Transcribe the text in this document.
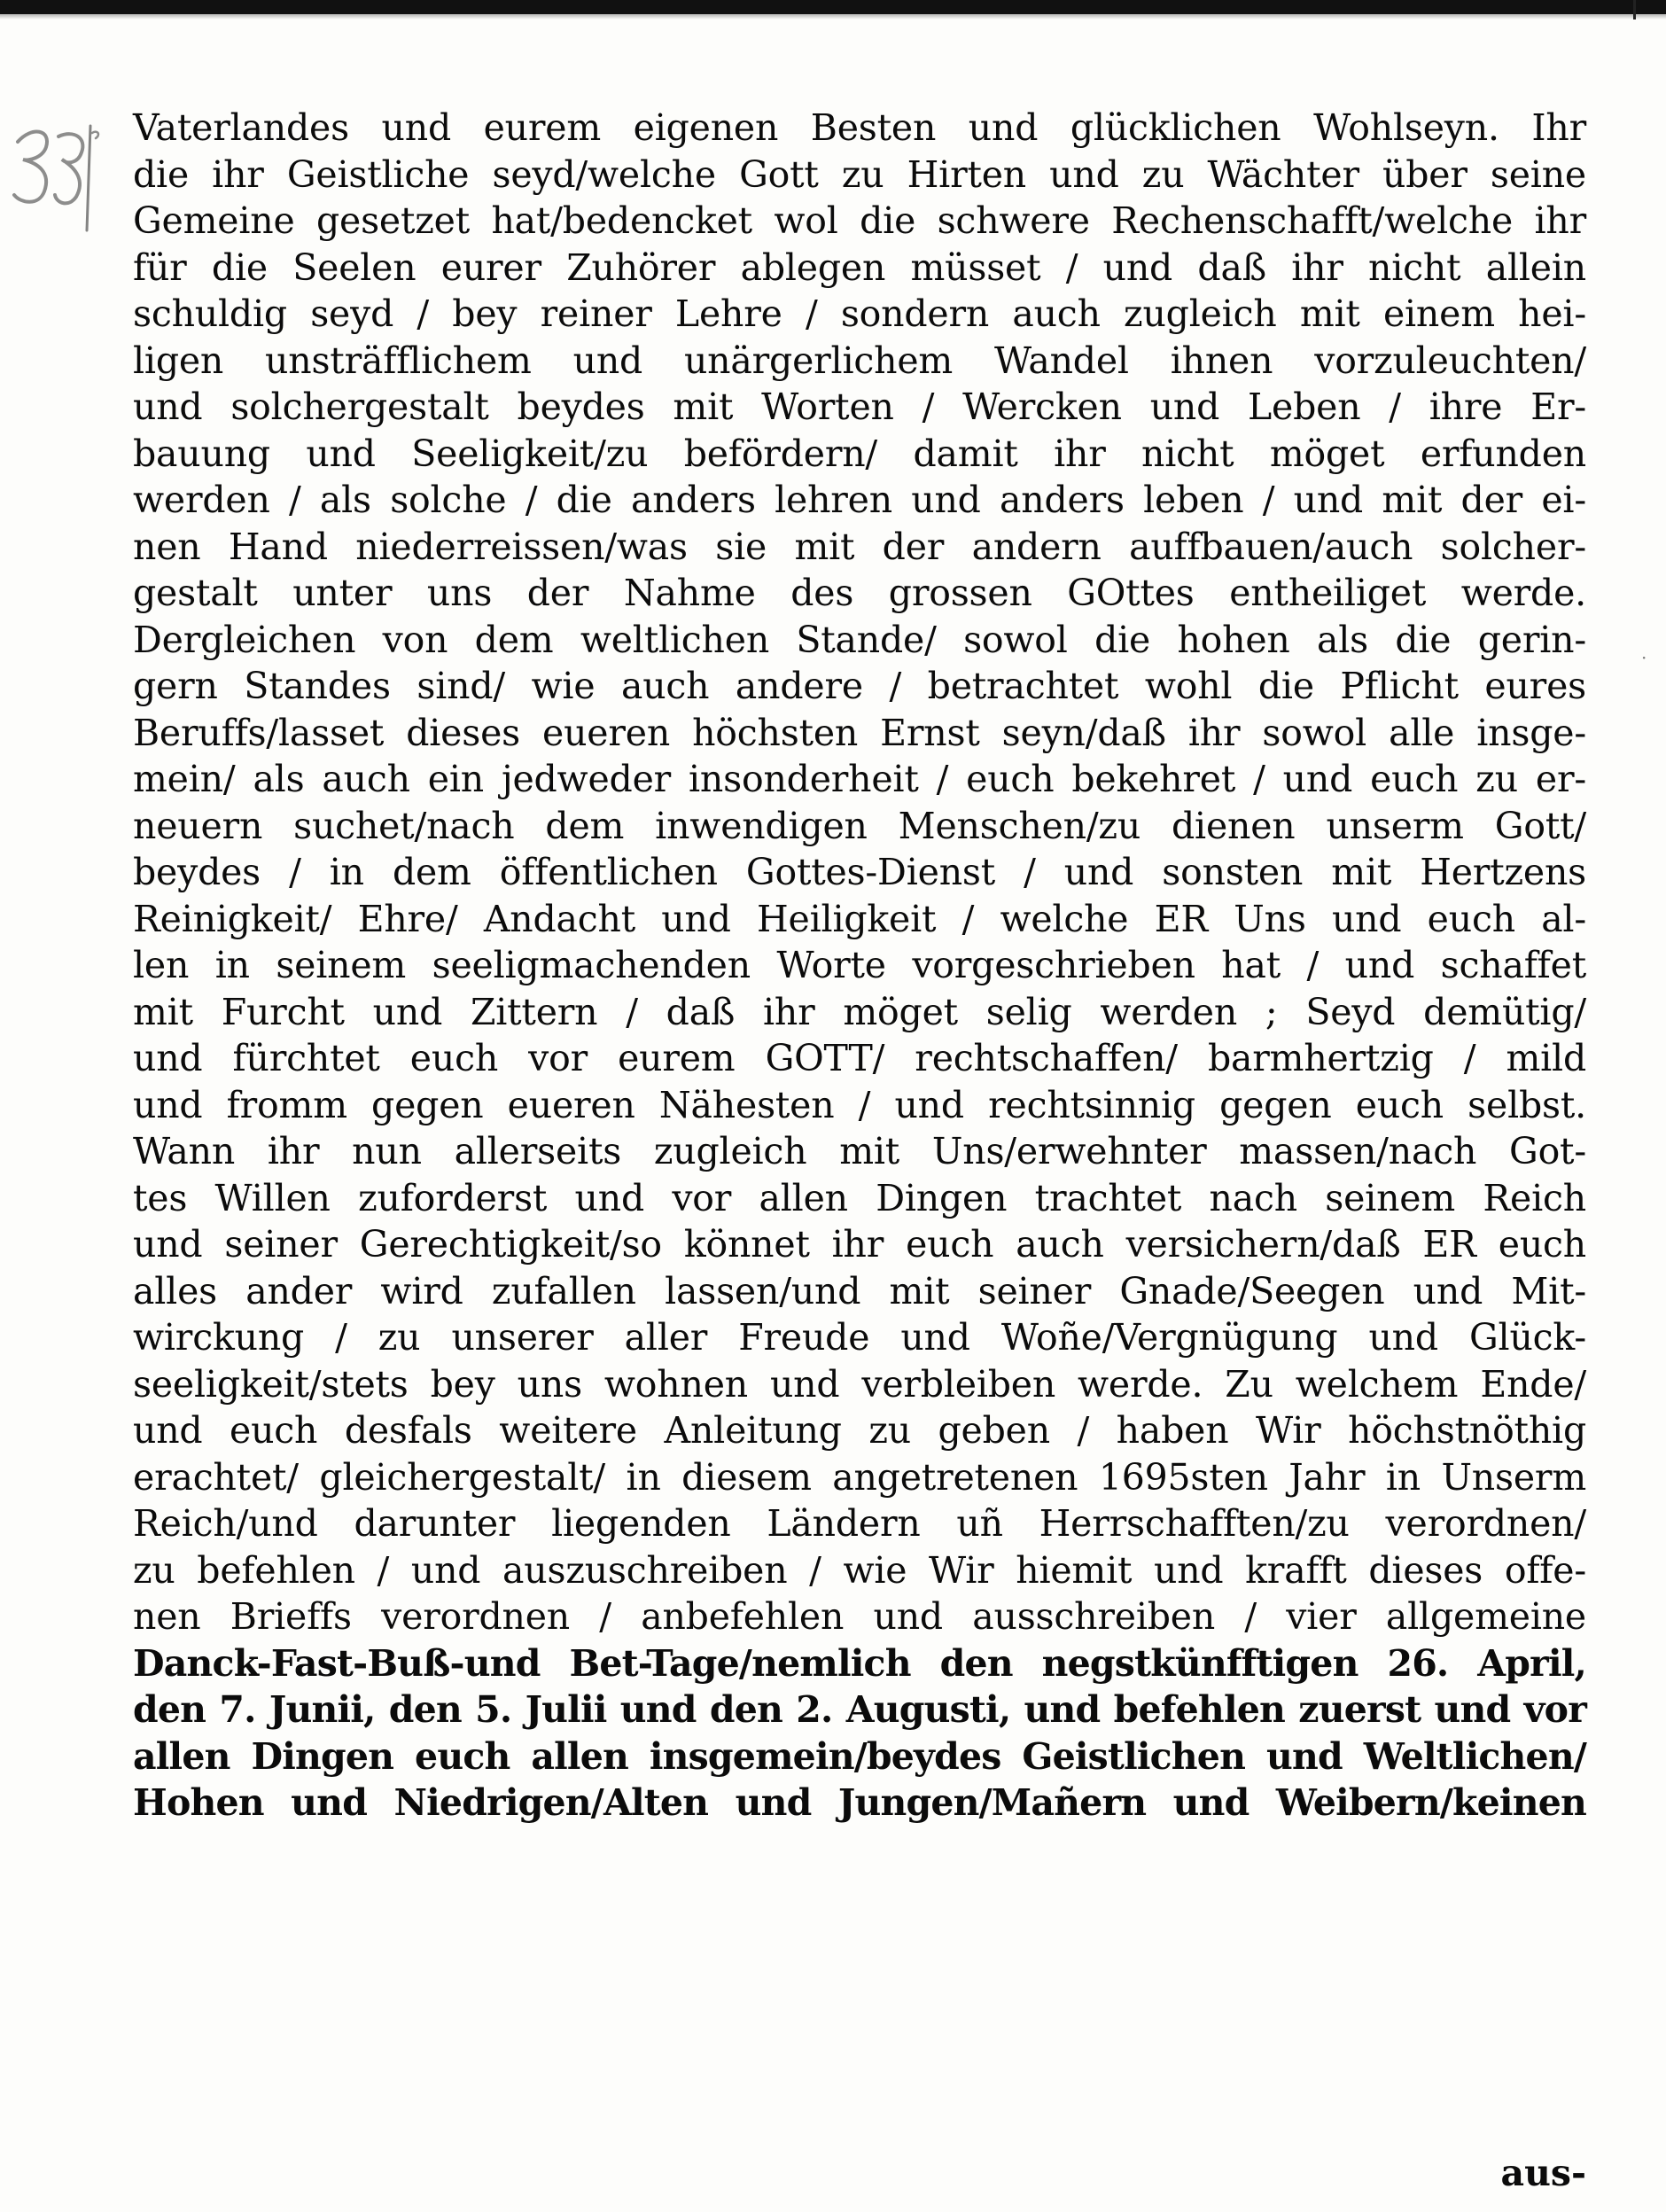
·
Vaterlandes und eurem eigenen Besten und glücklichen Wohlseyn. Ihr
die ihr Geistliche seyd/welche Gott zu Hirten und zu Wächter über seine
Gemeine gesetzet hat/bedencket wol die schwere Rechenschafft/welche ihr
für die Seelen eurer Zuhörer ablegen müsset / und daß ihr nicht allein
schuldig seyd / bey reiner Lehre / sondern auch zugleich mit einem hei-
ligen unsträfflichem und unärgerlichem Wandel ihnen vorzuleuchten/
und solchergestalt beydes mit Worten / Wercken und Leben / ihre Er-
bauung und Seeligkeit/zu befördern/ damit ihr nicht möget erfunden
werden / als solche / die anders lehren und anders leben / und mit der ei-
nen Hand niederreissen/was sie mit der andern auffbauen/auch solcher-
gestalt unter uns der Nahme des grossen GOttes entheiliget werde.
Dergleichen von dem weltlichen Stande/ sowol die hohen als die gerin-
gern Standes sind/ wie auch andere / betrachtet wohl die Pflicht eures
Beruffs/lasset dieses eueren höchsten Ernst seyn/daß ihr sowol alle insge-
mein/ als auch ein jedweder insonderheit / euch bekehret / und euch zu er-
neuern suchet/nach dem inwendigen Menschen/zu dienen unserm Gott/
beydes / in dem öffentlichen Gottes-Dienst / und sonsten mit Hertzens
Reinigkeit/ Ehre/ Andacht und Heiligkeit / welche ER Uns und euch al-
len in seinem seeligmachenden Worte vorgeschrieben hat / und schaffet
mit Furcht und Zittern / daß ihr möget selig werden ; Seyd demütig/
und fürchtet euch vor eurem GOTT/ rechtschaffen/ barmhertzig / mild
und fromm gegen eueren Nähesten / und rechtsinnig gegen euch selbst.
Wann ihr nun allerseits zugleich mit Uns/erwehnter massen/nach Got-
tes Willen zuforderst und vor allen Dingen trachtet nach seinem Reich
und seiner Gerechtigkeit/so könnet ihr euch auch versichern/daß ER euch
alles ander wird zufallen lassen/und mit seiner Gnade/Seegen und Mit-
wirckung / zu unserer aller Freude und Woñe/Vergnügung und Glück-
seeligkeit/stets bey uns wohnen und verbleiben werde. Zu welchem Ende/
und euch desfals weitere Anleitung zu geben / haben Wir höchstnöthig
erachtet/ gleichergestalt/ in diesem angetretenen 1695sten Jahr in Unserm
Reich/und darunter liegenden Ländern uñ Herrschafften/zu verordnen/
zu befehlen / und auszuschreiben / wie Wir hiemit und krafft dieses offe-
nen Brieffs verordnen / anbefehlen und ausschreiben / vier allgemeine
Danck-Fast-Buß-und Bet-Tage/nemlich den negstkünfftigen 26. April,
den 7. Junii, den 5. Julii und den 2. Augusti, und befehlen zuerst und vor
allen Dingen euch allen insgemein/beydes Geistlichen und Weltlichen/
Hohen und Niedrigen/Alten und Jungen/Mañern und Weibern/keinen
aus-
